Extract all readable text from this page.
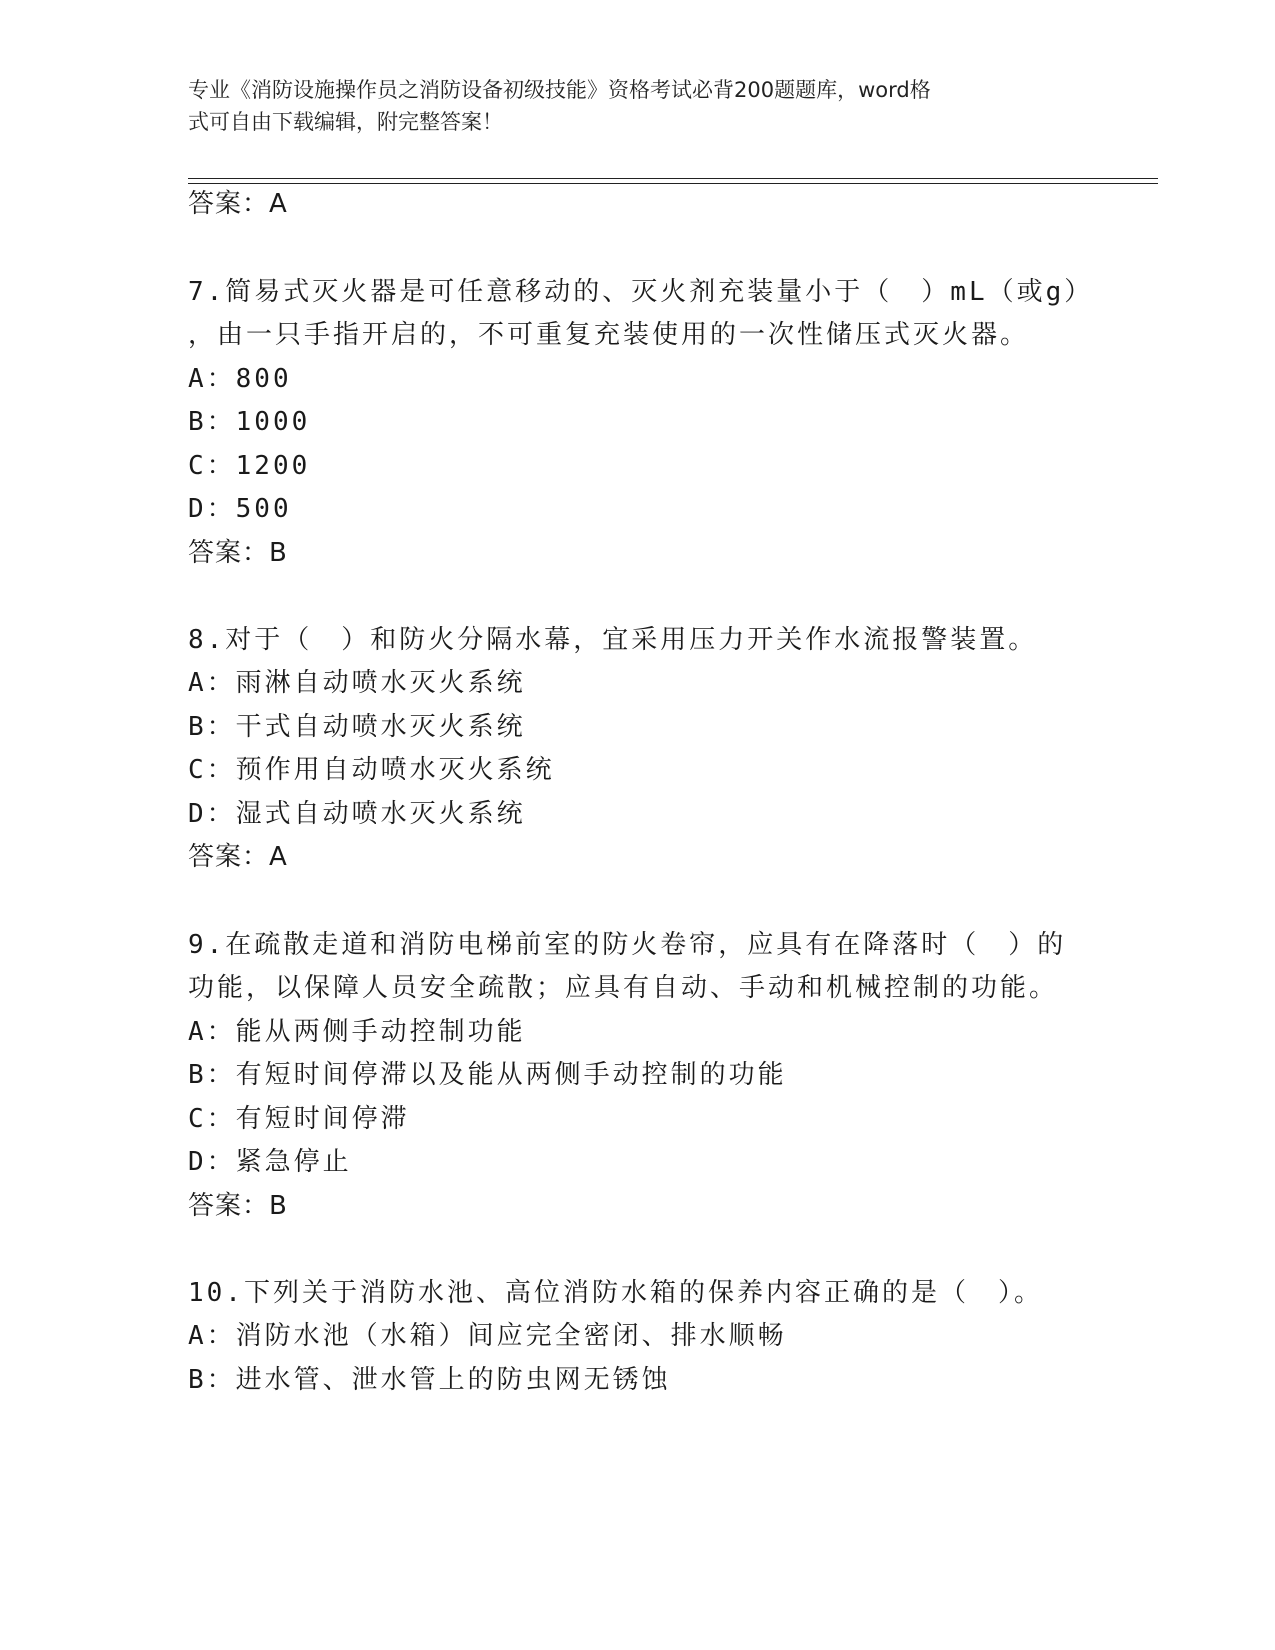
专业《消防设施操作员之消防设备初级技能》资格考试必背200题题库，word格
式可自由下载编辑，附完整答案！
答案：A
7.简易式灭火器是可任意移动的、灭火剂充装量小于（　）mL（或g）
，由一只手指开启的，不可重复充装使用的一次性储压式灭火器。
A：800
B：1000
C：1200
D：500
答案：B
8.对于（　）和防火分隔水幕，宜采用压力开关作水流报警装置。
A：雨淋自动喷水灭火系统
B：干式自动喷水灭火系统
C：预作用自动喷水灭火系统
D：湿式自动喷水灭火系统
答案：A
9.在疏散走道和消防电梯前室的防火卷帘，应具有在降落时（　）的
功能，以保障人员安全疏散；应具有自动、手动和机械控制的功能。
A：能从两侧手动控制功能
B：有短时间停滞以及能从两侧手动控制的功能
C：有短时间停滞
D：紧急停止
答案：B
10.下列关于消防水池、高位消防水箱的保养内容正确的是（　）。
A：消防水池（水箱）间应完全密闭、排水顺畅
B：进水管、泄水管上的防虫网无锈蚀
